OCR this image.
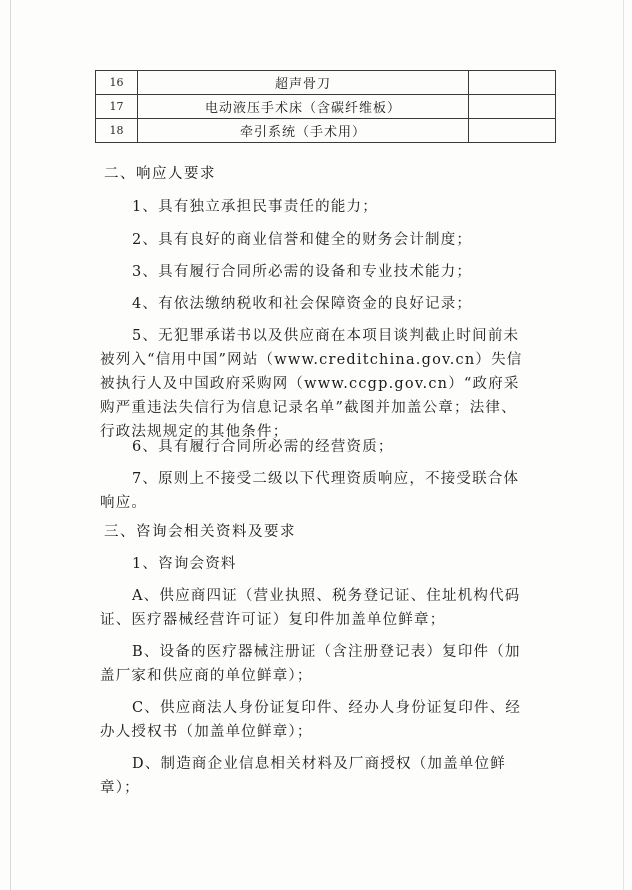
16	超声骨刀	
17	电动液压手术床（含碳纤维板）	
18	牵引系统（手术用）	
二、响应人要求
1、具有独立承担民事责任的能力；
2、具有良好的商业信誉和健全的财务会计制度；
3、具有履行合同所必需的设备和专业技术能力；
4、有依法缴纳税收和社会保障资金的良好记录；
5、无犯罪承诺书以及供应商在本项目谈判截止时间前未被列入“信用中国”网站（www.creditchina.gov.cn）失信被执行人及中国政府采购网（www.ccgp.gov.cn）“政府采购严重违法失信行为信息记录名单”截图并加盖公章；法律、行政法规规定的其他条件；
6、具有履行合同所必需的经营资质；
7、原则上不接受二级以下代理资质响应，不接受联合体响应。
三、咨询会相关资料及要求
1、咨询会资料
A、供应商四证（营业执照、税务登记证、住址机构代码证、医疗器械经营许可证）复印件加盖单位鲜章；
B、设备的医疗器械注册证（含注册登记表）复印件（加盖厂家和供应商的单位鲜章）；
C、供应商法人身份证复印件、经办人身份证复印件、经办人授权书（加盖单位鲜章）；
D、制造商企业信息相关材料及厂商授权（加盖单位鲜章）；
